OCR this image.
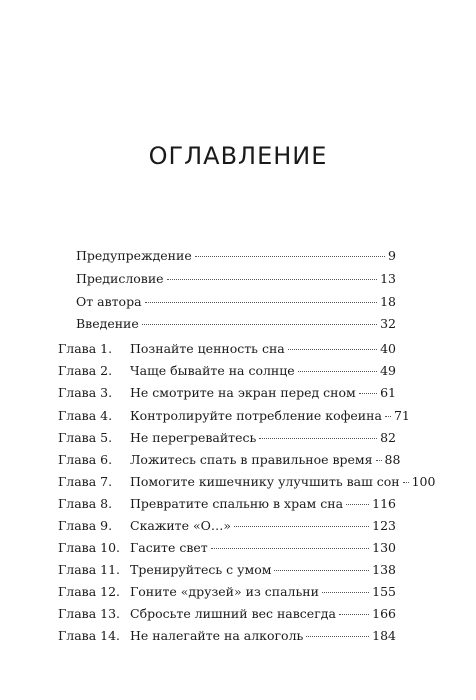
ОГЛАВЛЕНИЕ
Предупреждение	9
Предисловие	13
От автора	18
Введение	32
Глава 1.	Познайте ценность сна	40
Глава 2.	Чаще бывайте на солнце	49
Глава 3.	Не смотрите на экран перед сном 61
Глава 4.	Контролируйте потребление кофеина 71
Глава 5.	Не перегревайтесь	82
Глава 6.	Ложитесь спать в правильное время 88
Глава 7.	Помогите кишечнику улучшить ваш сон 100
Глава 8.	Превратите спальню в храм сна 116
Глава 9.	Скажите «О…»	123
Глава 10. Гасите свет	130
Глава 11. Тренируйтесь с умом	138
Глава 12. Гоните «друзей» из спальни	155
Глава 13. Сбросьте лишний вес навсегда	166
Глава 14. Не налегайте на алкоголь	184
